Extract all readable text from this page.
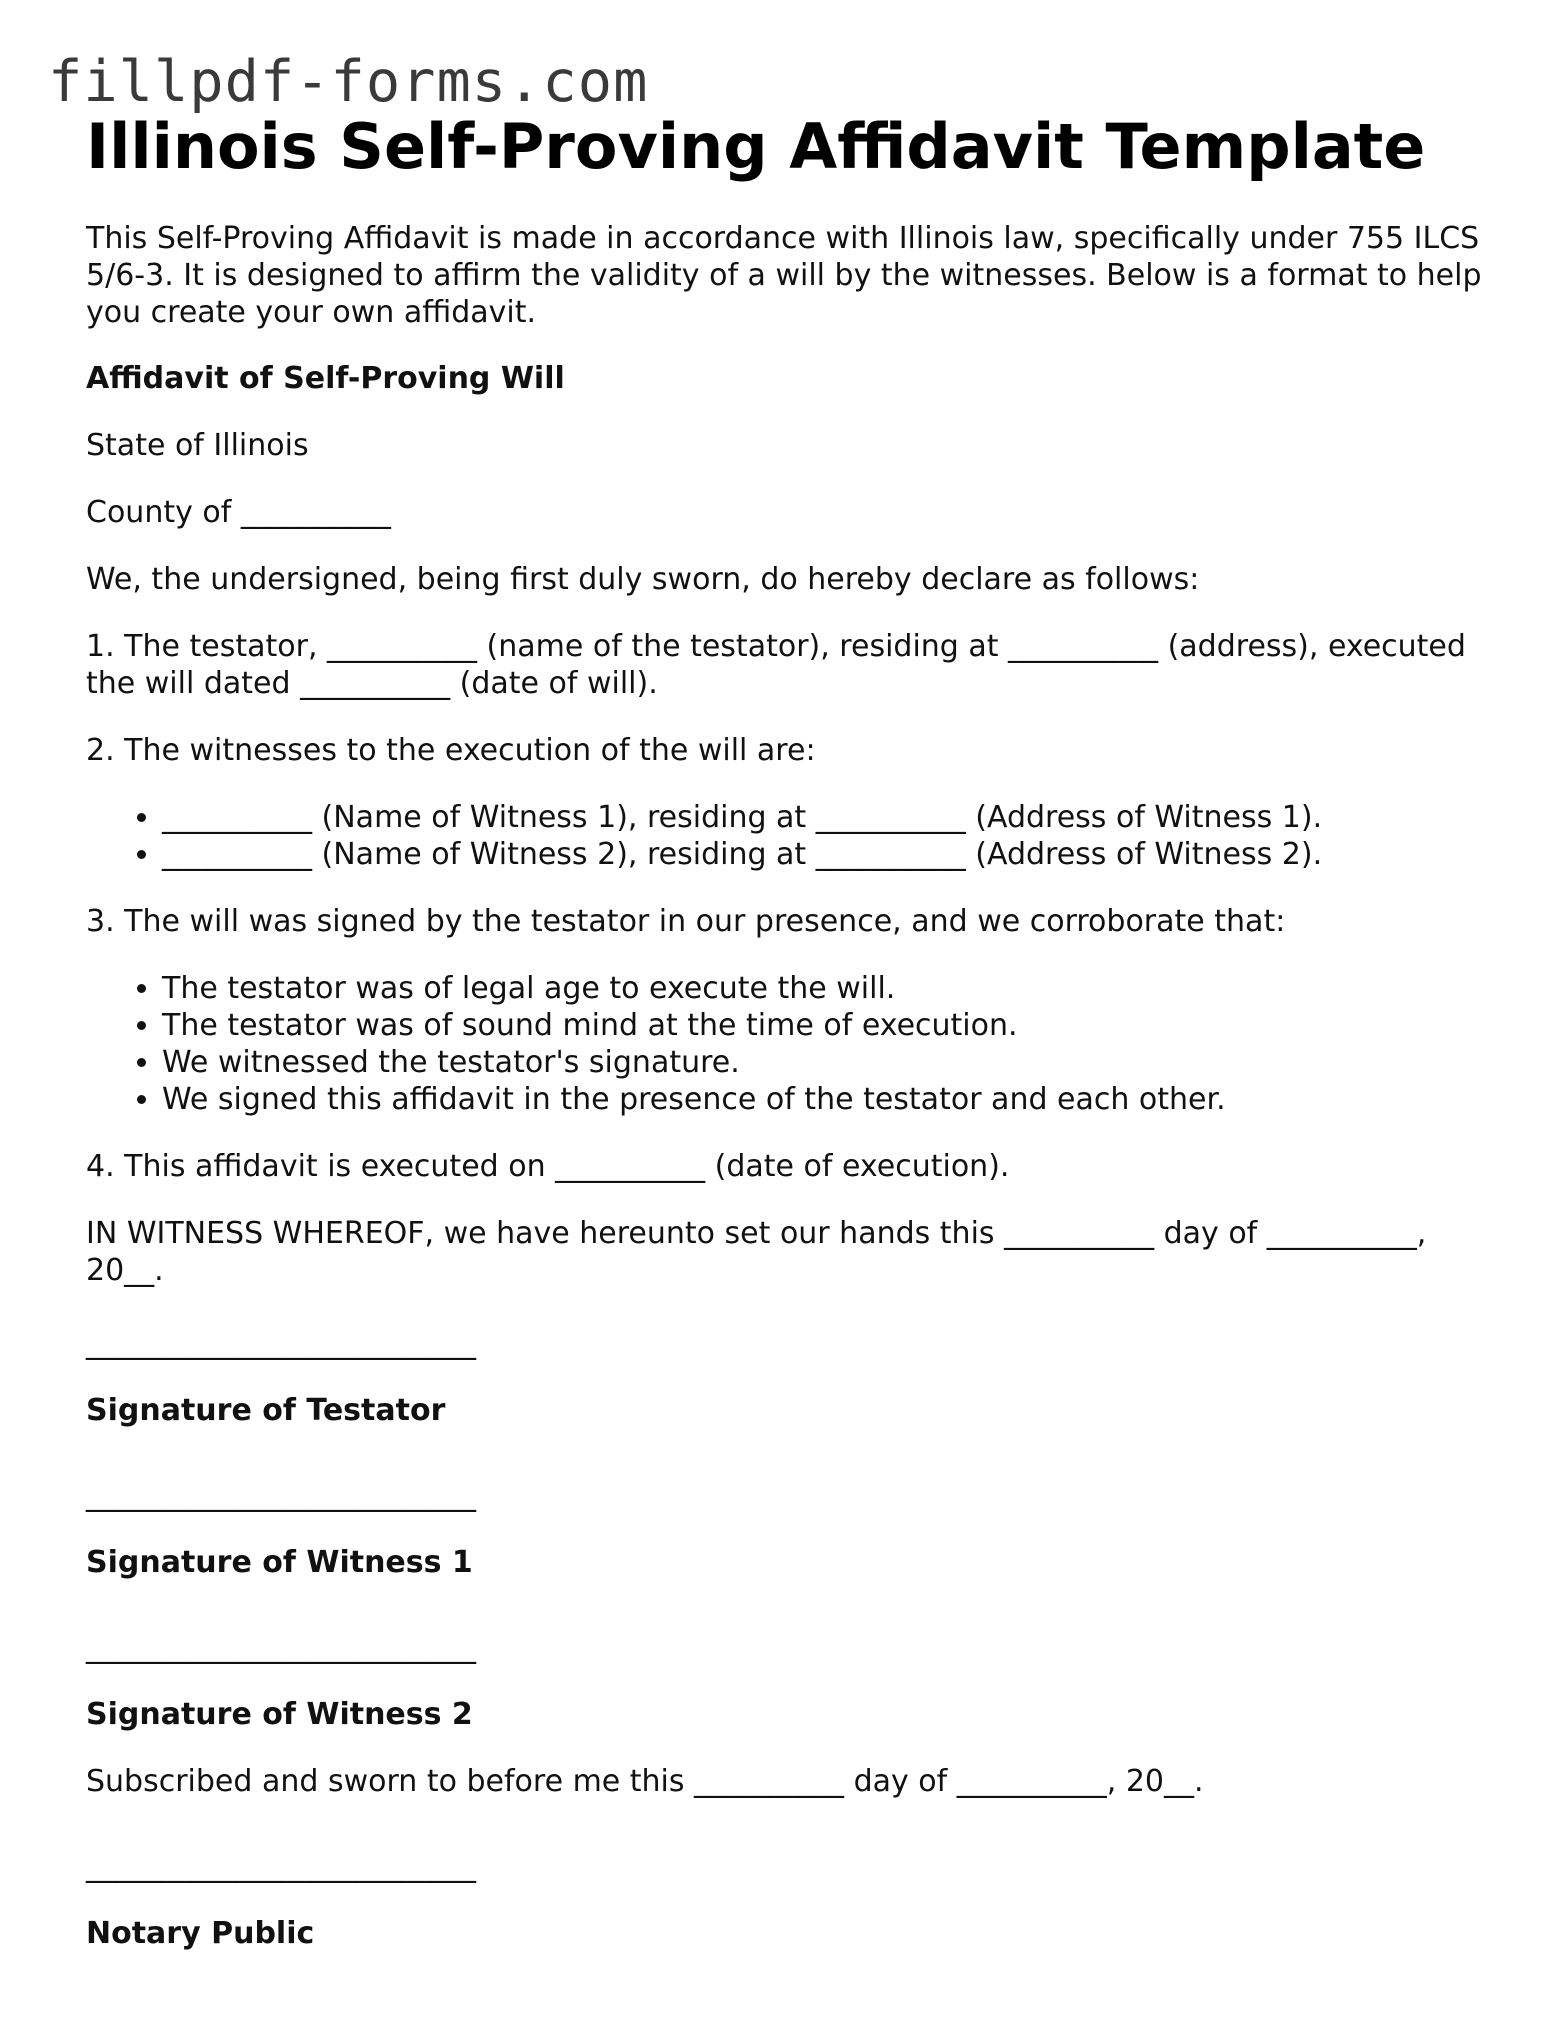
fillpdf-forms.com
Illinois Self-Proving Affidavit Template

This Self-Proving Affidavit is made in accordance with Illinois law, specifically under 755 ILCS 5/6-3. It is designed to affirm the validity of a will by the witnesses. Below is a format to help you create your own affidavit.

Affidavit of Self-Proving Will

State of Illinois

County of __________

We, the undersigned, being first duly sworn, do hereby declare as follows:

1. The testator, __________ (name of the testator), residing at __________ (address), executed the will dated __________ (date of will).

2. The witnesses to the execution of the will are:

• __________ (Name of Witness 1), residing at __________ (Address of Witness 1).
• __________ (Name of Witness 2), residing at __________ (Address of Witness 2).

3. The will was signed by the testator in our presence, and we corroborate that:

• The testator was of legal age to execute the will.
• The testator was of sound mind at the time of execution.
• We witnessed the testator's signature.
• We signed this affidavit in the presence of the testator and each other.

4. This affidavit is executed on __________ (date of execution).

IN WITNESS WHEREOF, we have hereunto set our hands this __________ day of __________, 20__.

__________________________

Signature of Testator

__________________________

Signature of Witness 1

__________________________

Signature of Witness 2

Subscribed and sworn to before me this __________ day of __________, 20__.

__________________________

Notary Public
